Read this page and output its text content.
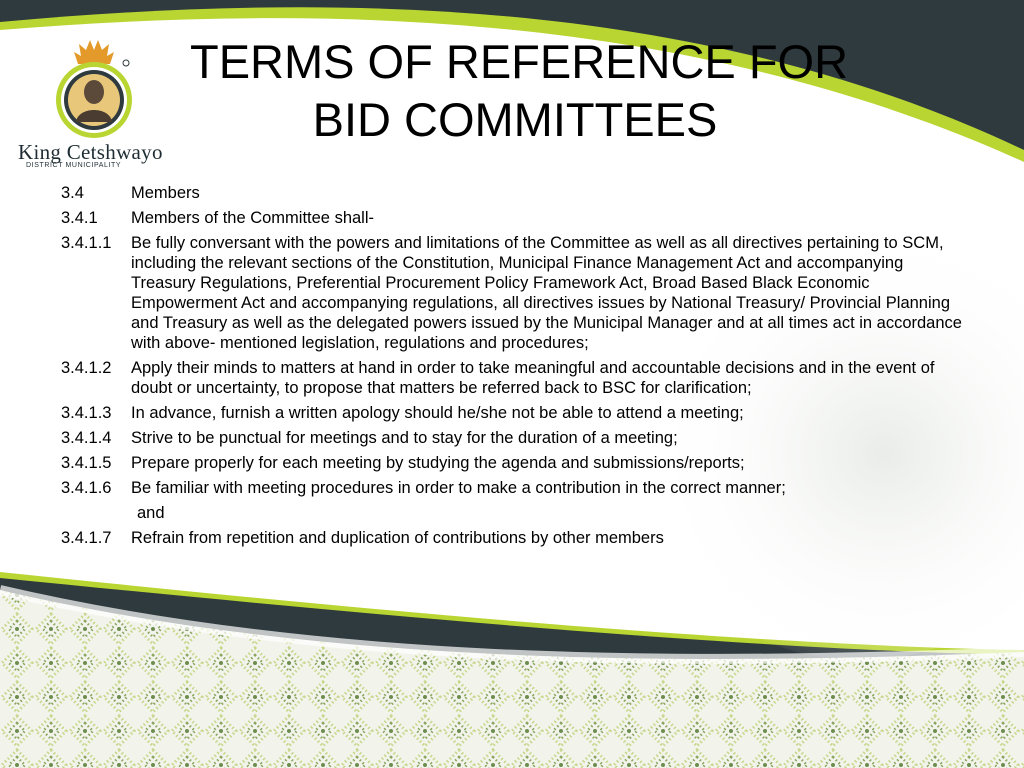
King Cetshwayo
DISTRICT MUNICIPALITY
TERMS OF REFERENCE FOR
BID COMMITTEES
3.4	Members
3.4.1	Members of the Committee shall-
3.4.1.1	Be fully conversant with the powers and limitations of the Committee as well as all directives pertaining to SCM, including the relevant sections of the Constitution, Municipal Finance Management Act and accompanying Treasury Regulations, Preferential Procurement Policy Framework Act, Broad Based Black Economic Empowerment Act and accompanying regulations, all directives issues by National Treasury/ Provincial Planning and Treasury as well as the delegated powers issued by the Municipal Manager and at all times act in accordance with above- mentioned legislation, regulations and procedures;
3.4.1.2	Apply their minds to matters at hand in order to take meaningful and accountable decisions and in the event of doubt or uncertainty, to propose that matters be referred back to BSC for clarification;
3.4.1.3	In advance, furnish a written apology should he/she not be able to attend a meeting;
3.4.1.4	Strive to be punctual for meetings and to stay for the duration of a meeting;
3.4.1.5	Prepare properly for each meeting by studying the agenda and submissions/reports;
3.4.1.6	Be familiar with meeting procedures in order to make a contribution in the correct manner;
and
3.4.1.7	Refrain from repetition and duplication of contributions by other members
